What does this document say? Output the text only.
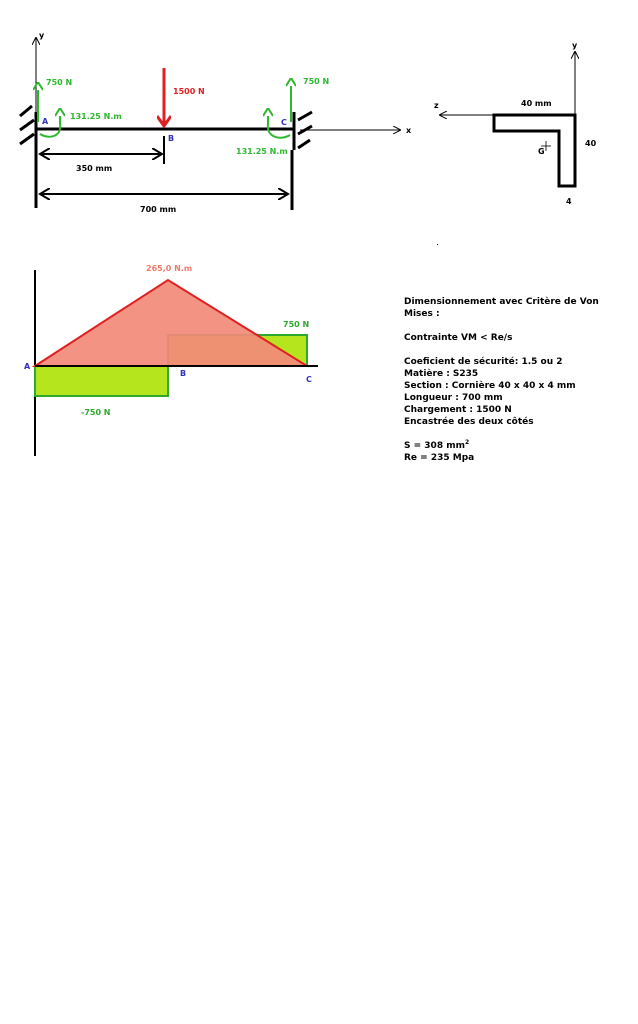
y
x
750 N	750 N
131.25 N.m
131.25 N.m
1500 N
A
B
C
350 mm
700 mm
y
z	40 mm
40
4
G
265,0 N.m
750 N
-750 N
A
B
C
Dimensionnement avec Critère de Von Mises :
Contrainte VM < Re/s
Coeficient de sécurité: 1.5 ou 2
Matière : S235
Section : Cornière 40 x 40 x 4 mm
Longueur : 700 mm
Chargement : 1500 N
Encastrée des deux côtés
S = 308 $mm^2$
Re = 235 Mpa
